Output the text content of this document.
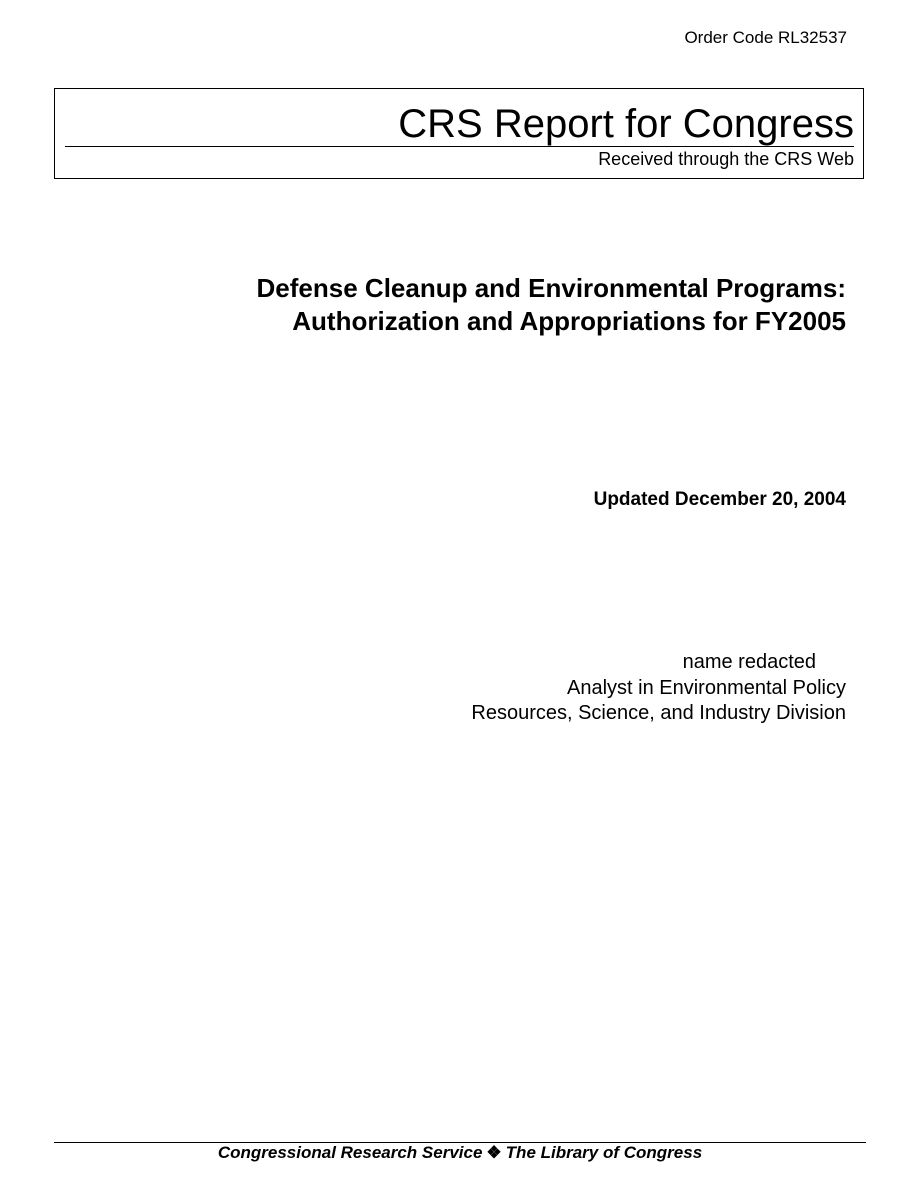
Order Code RL32537
CRS Report for Congress
Received through the CRS Web
Defense Cleanup and Environmental Programs:
Authorization and Appropriations for FY2005
Updated December 20, 2004
name redacted
Analyst in Environmental Policy
Resources, Science, and Industry Division
Congressional Research Service ❖ The Library of Congress
